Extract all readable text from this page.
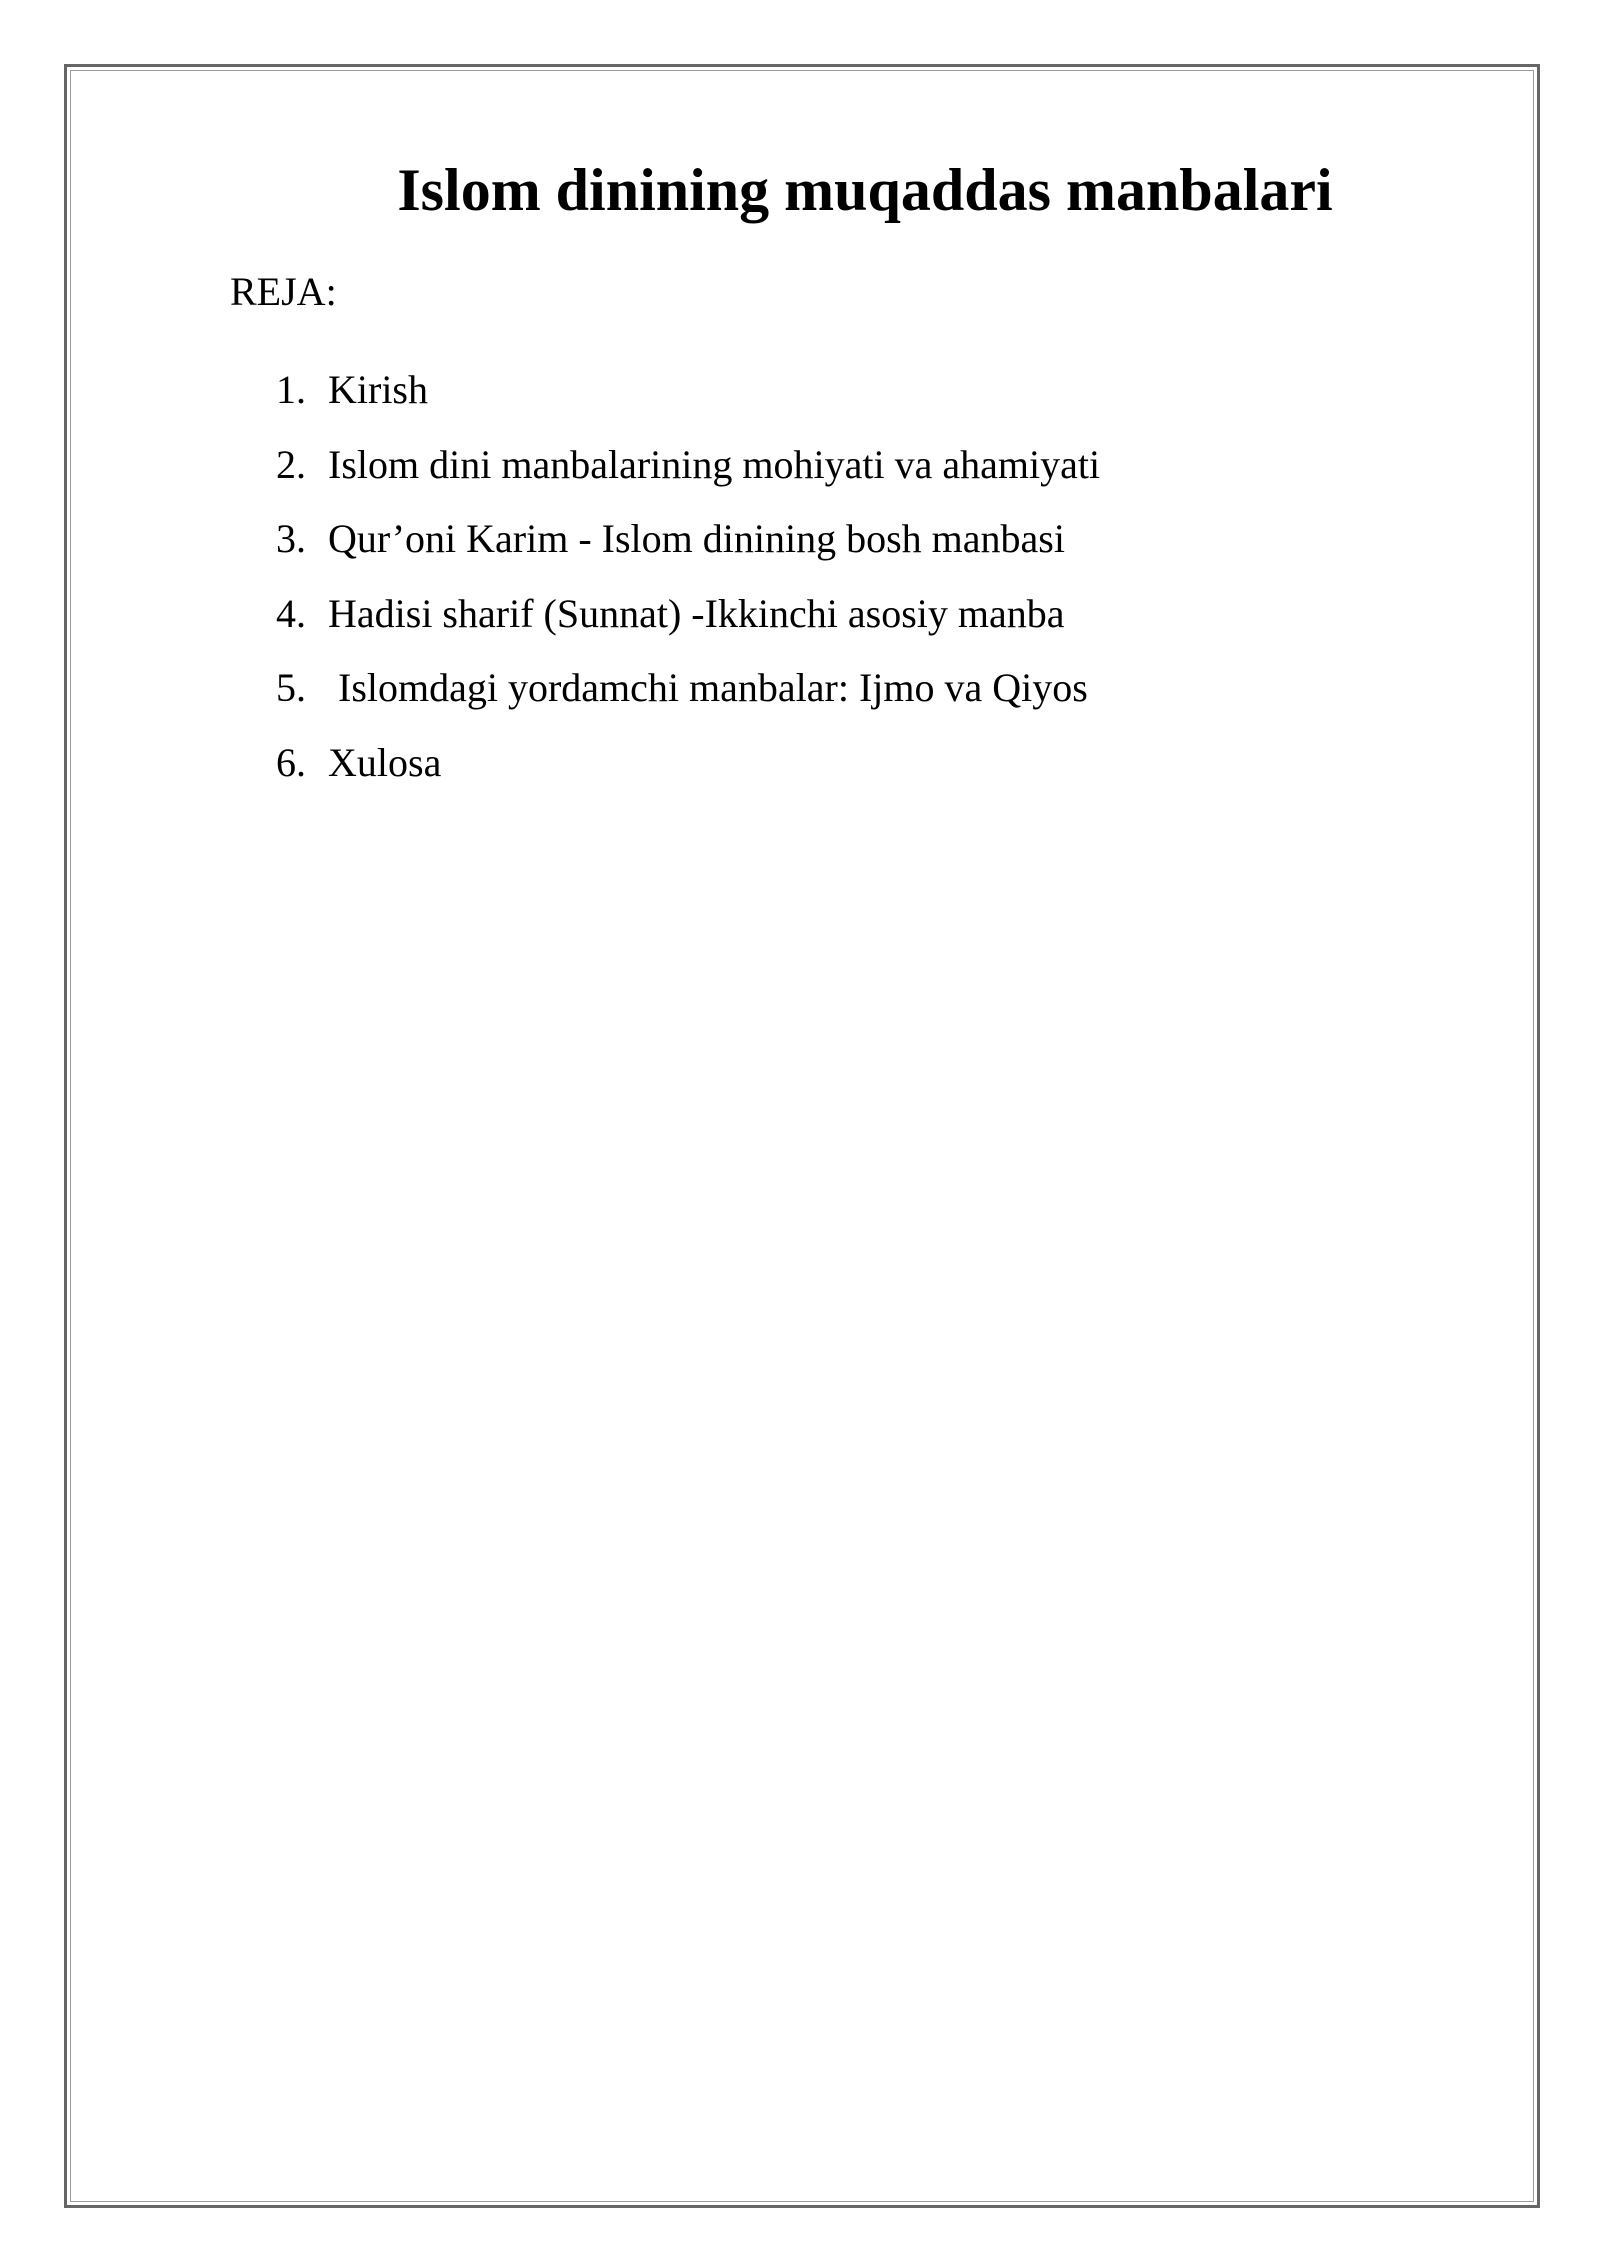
Islom dinining muqaddas manbalari
REJA:
1. Kirish
2. Islom dini manbalarining mohiyati va ahamiyati
3. Qur’oni Karim - Islom dinining bosh manbasi
4. Hadisi sharif (Sunnat) -Ikkinchi asosiy manba
5. Islomdagi yordamchi manbalar: Ijmo va Qiyos
6. Xulosa
